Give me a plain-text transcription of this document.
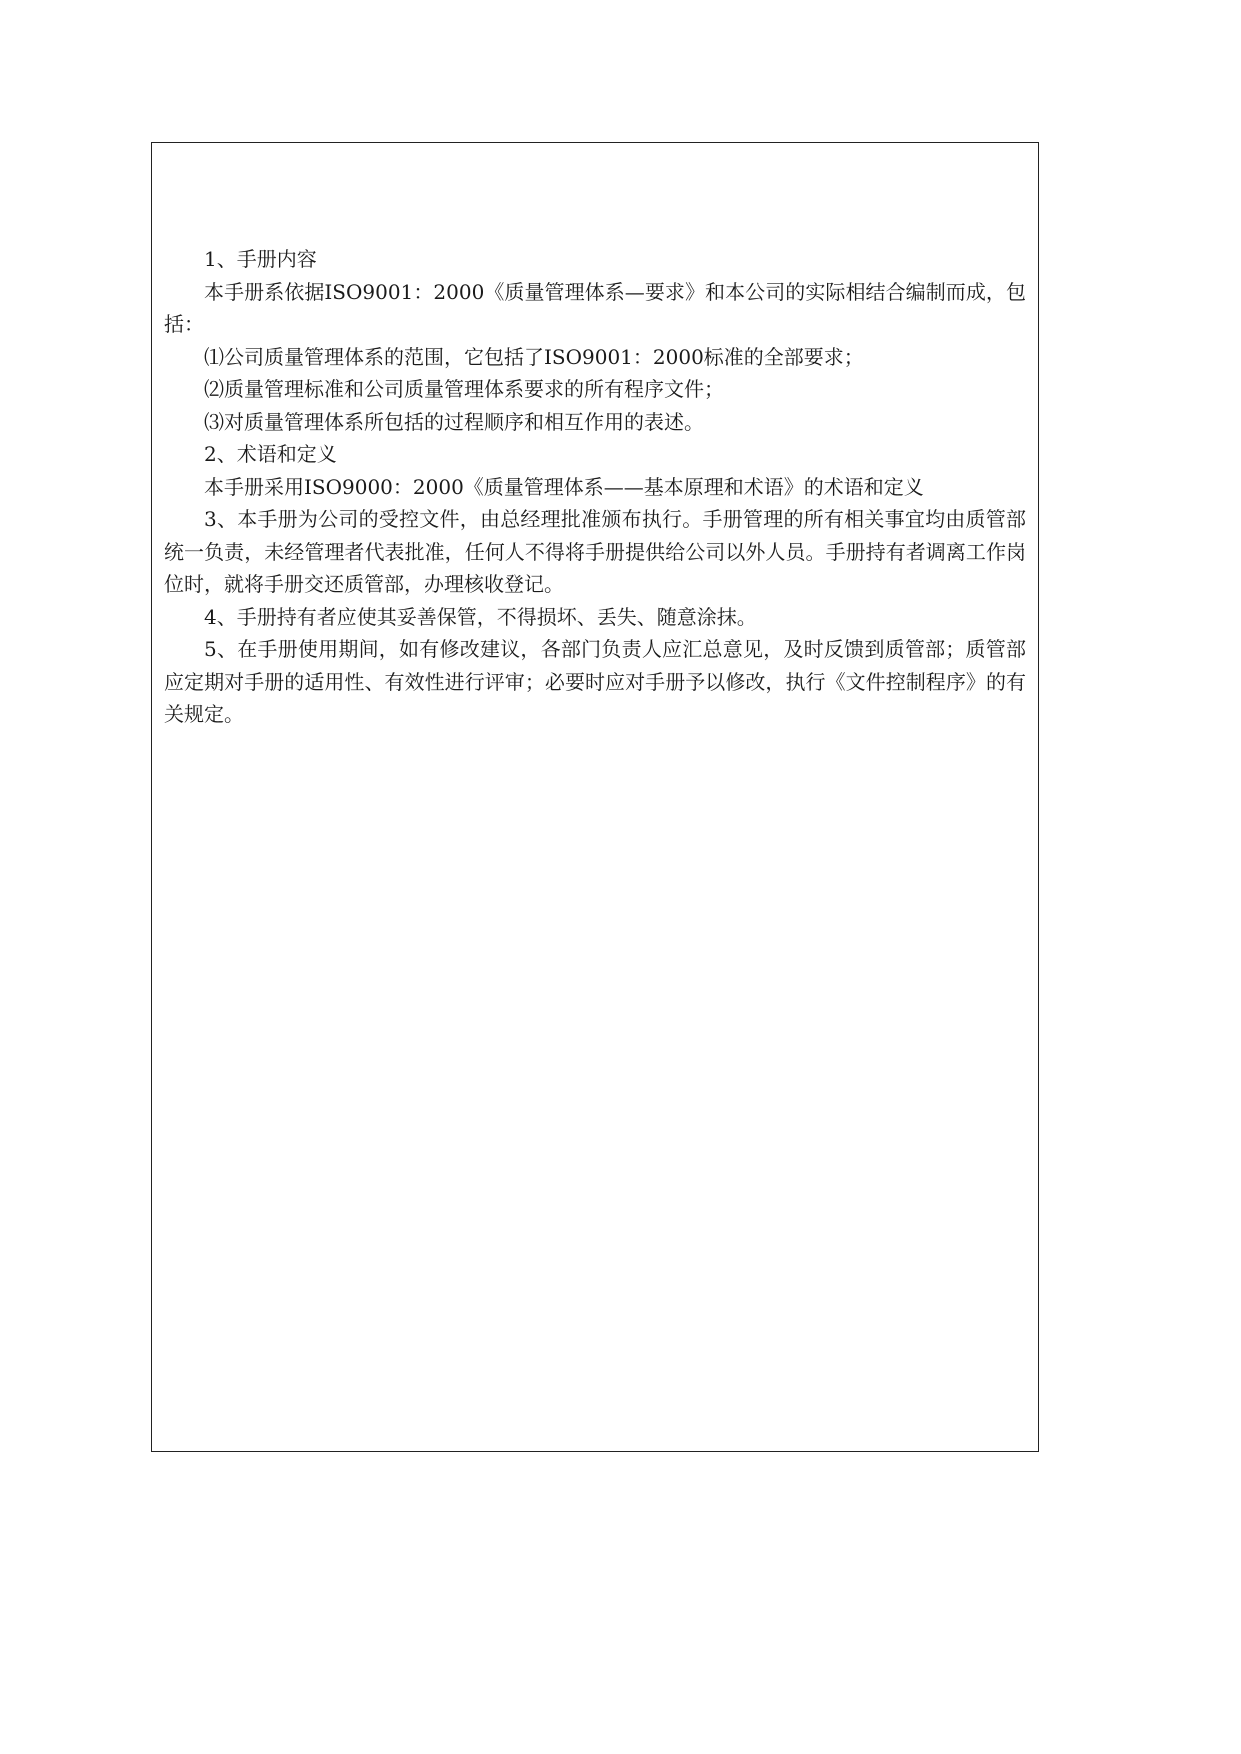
1、手册内容

本手册系依据ISO9001：2000《质量管理体系—要求》和本公司的实际相结合编制而成，包括：

⑴公司质量管理体系的范围，它包括了ISO9001：2000标准的全部要求；

⑵质量管理标准和公司质量管理体系要求的所有程序文件；

⑶对质量管理体系所包括的过程顺序和相互作用的表述。

2、术语和定义

本手册采用ISO9000：2000《质量管理体系——基本原理和术语》的术语和定义

3、本手册为公司的受控文件，由总经理批准颁布执行。手册管理的所有相关事宜均由质管部统一负责，未经管理者代表批准，任何人不得将手册提供给公司以外人员。手册持有者调离工作岗位时，就将手册交还质管部，办理核收登记。

4、手册持有者应使其妥善保管，不得损坏、丢失、随意涂抹。

5、在手册使用期间，如有修改建议，各部门负责人应汇总意见，及时反馈到质管部；质管部应定期对手册的适用性、有效性进行评审；必要时应对手册予以修改，执行《文件控制程序》的有关规定。
